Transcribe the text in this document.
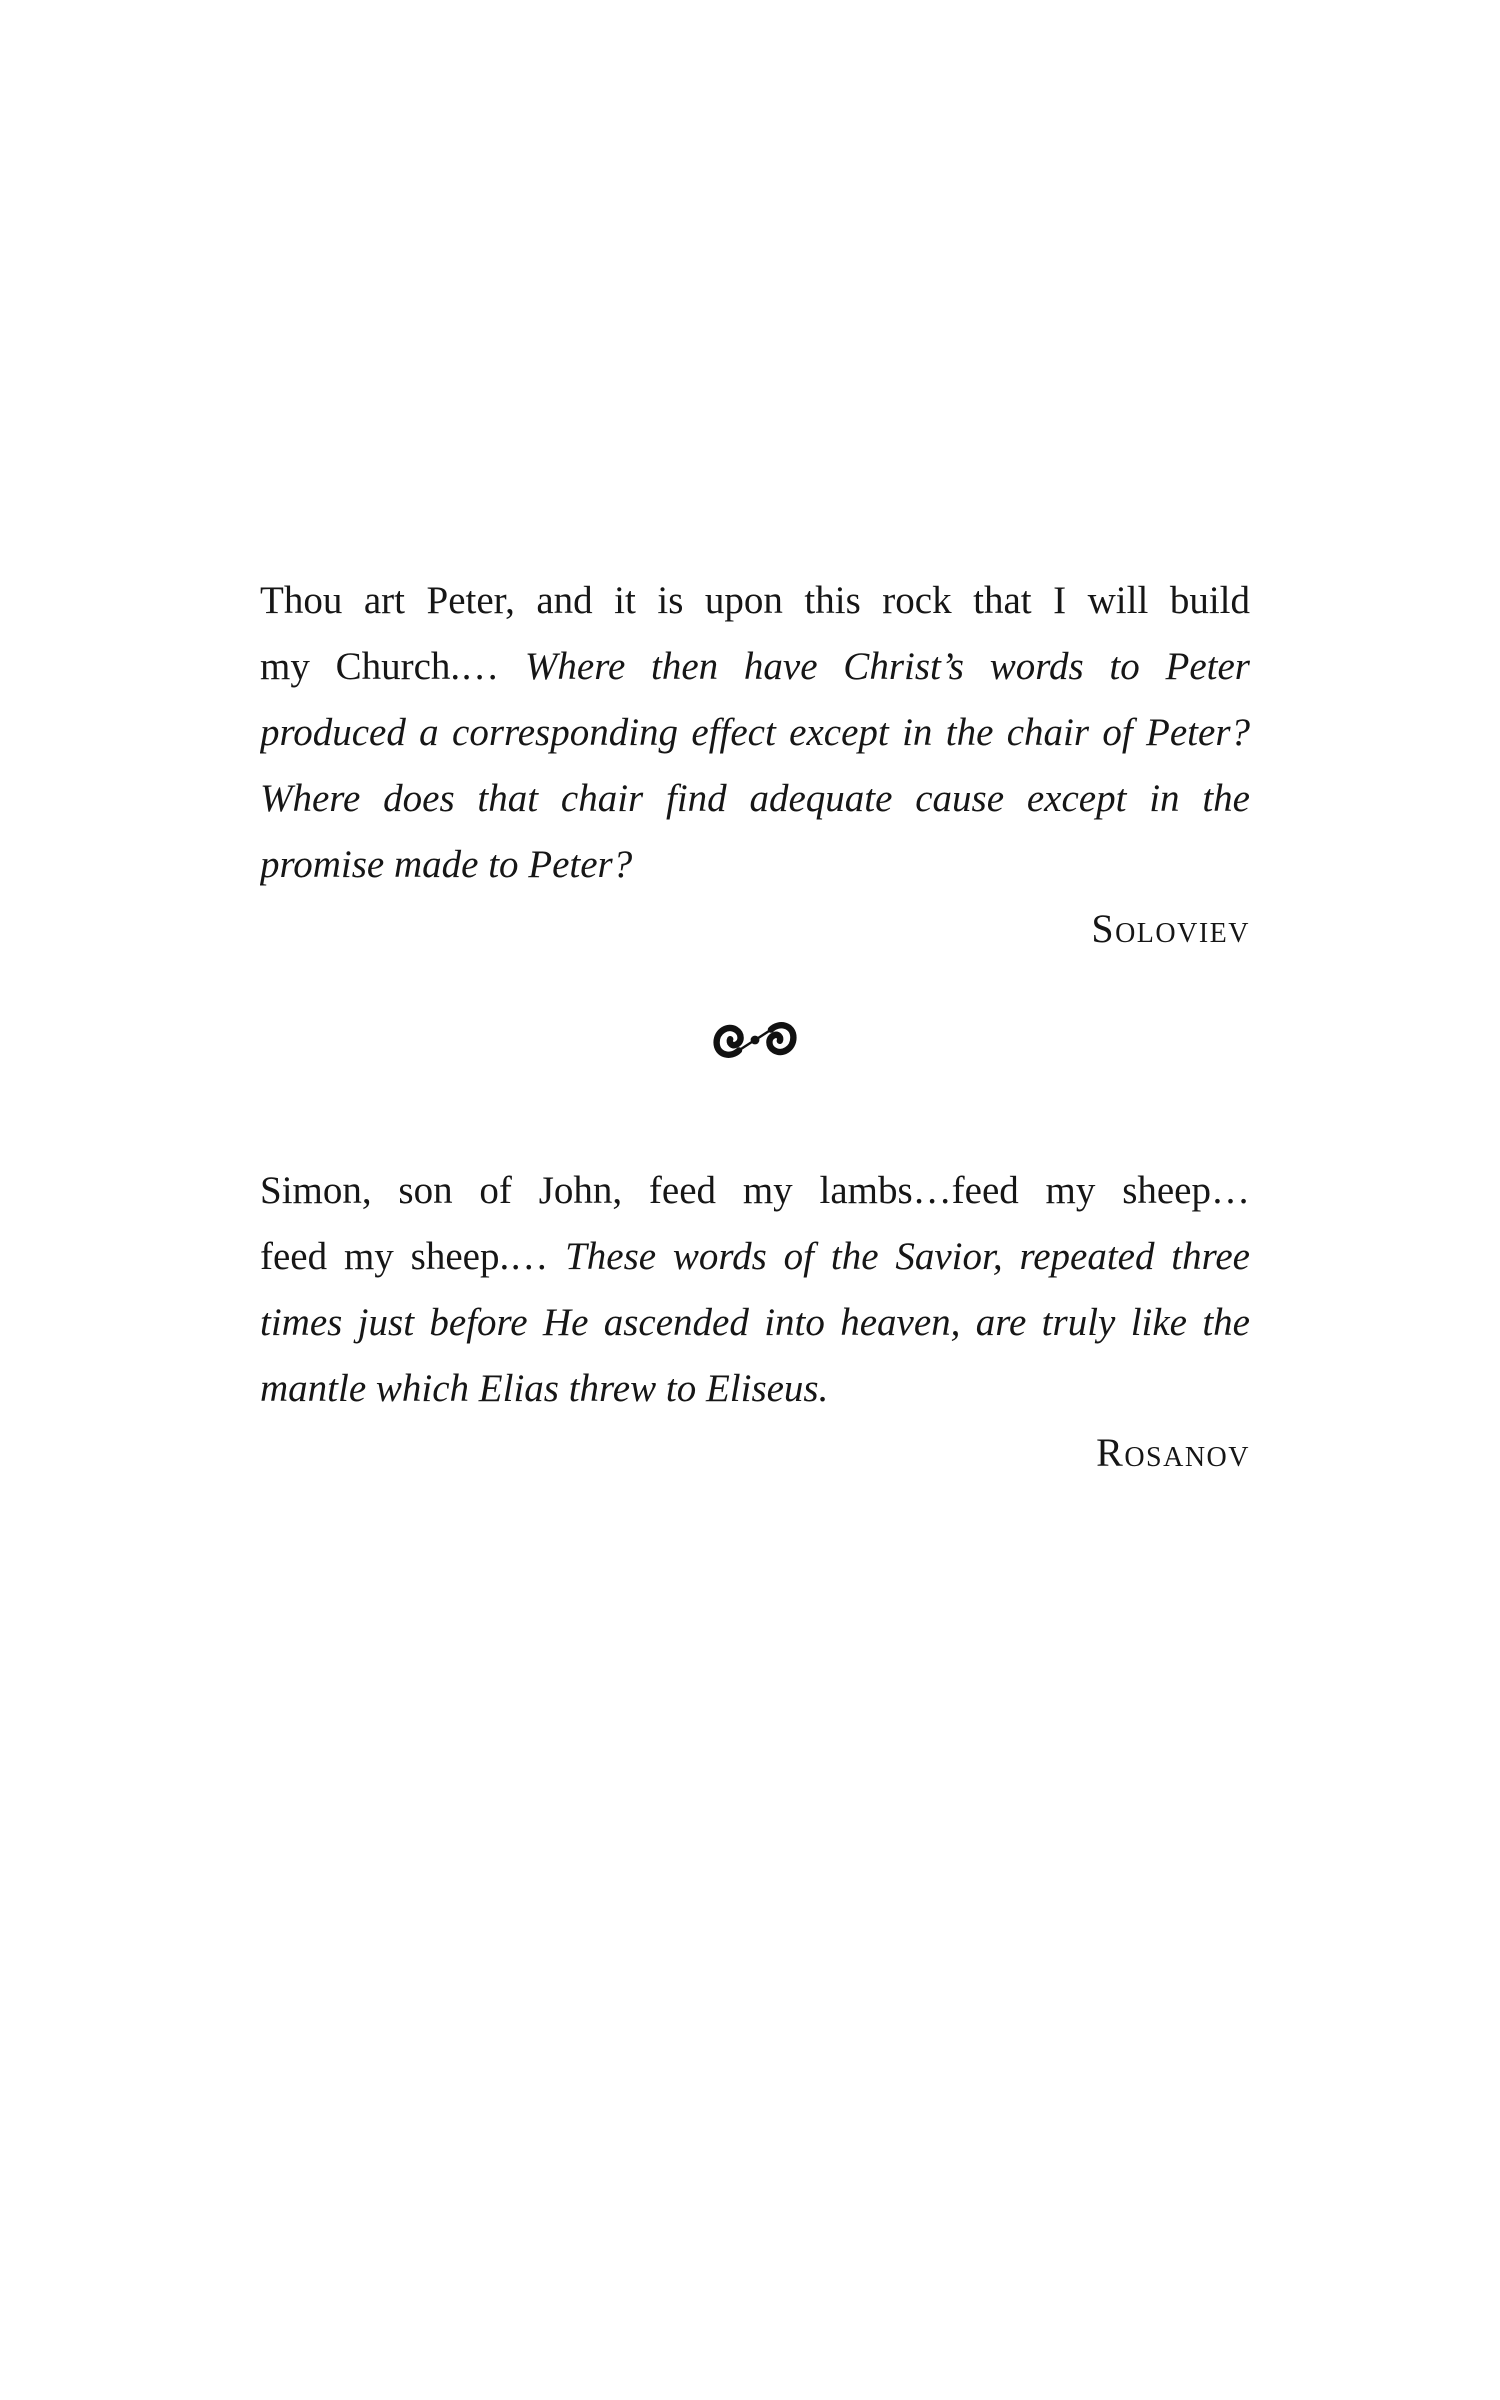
Thou art Peter, and it is upon this rock that I will build
my Church.… Where then have Christ’s words to Peter
produced a corresponding effect except in the chair of Peter?
Where does that chair find adequate cause except in the
promise made to Peter?
Soloviev
Simon, son of John, feed my lambs…feed my sheep…
feed my sheep.… These words of the Savior, repeated three
times just before He ascended into heaven, are truly like the
mantle which Elias threw to Eliseus.
Rosanov
